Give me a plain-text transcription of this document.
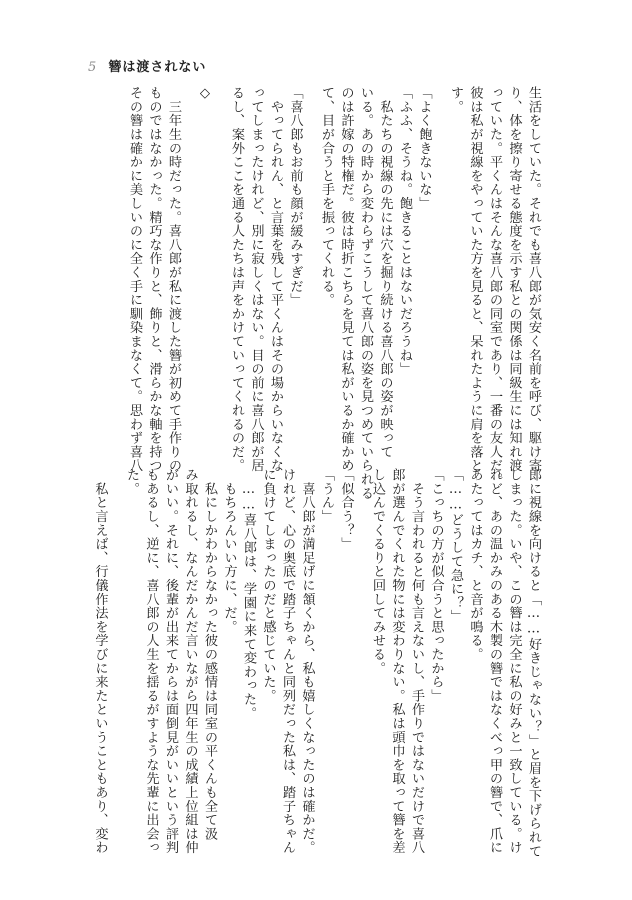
5 簪は渡されない
生活をしていた。それでも喜八郎が気安く名前を呼び、駆け寄
り、体を擦り寄せる態度を示す私との関係は同級生には知れ渡
っていた。平くんはそんな喜八郎の同室であり、一番の友人だ。
彼は私が視線をやっていた方を見ると、呆れたように肩を落と
す。
「よく飽きないな」
「ふふ、そうね。飽きることはないだろうね」
　私たちの視線の先には穴を掘り続ける喜八郎の姿が映って
いる。あの時から変わらずこうして喜八郎の姿を見つめていられる
のは許嫁の特権だ。彼は時折こちらを見ては私がいるか確かめ
て、目が合うと手を振ってくれる。
「喜八郎もお前も顔が緩みすぎだ」
　やってられん、と言葉を残して平くんはその場からいなくな
ってしまったけれど、別に寂しくはない。目の前に喜八郎が居
るし、案外ここを通る人たちは声をかけていってくれるのだ。
◇
　三年生の時だった。喜八郎が私に渡した簪が初めて手作りの
ものではなかった。精巧な作りと、飾りと、滑らかな軸を持つ
その簪は確かに美しいのに全く手に馴染まなくて。思わず喜八
郎に視線を向けると「……好きじゃない？」と眉を下げられて
しまった。いや、この簪は完全に私の好みと一致している。け
れど、あの温かみのある木製の簪ではなくべっ甲の簪で、爪に
あたってはカチ、と音が鳴る。
「……どうして急に？」
「こっちの方が似合うと思ったから」
　そう言われると何も言えないし、手作りではないだけで喜八
郎が選んでくれた物には変わりない。私は頭巾を取って簪を差
し込んでくるりと回してみせる。
「似合う？」
「うん」
　喜八郎が満足げに頷くから、私も嬉しくなったのは確かだ。
けれど、心の奥底で踏子ちゃんと同列だった私は、踏子ちゃん
に負けてしまったのだと感じていた。
　……喜八郎は、学園に来て変わった。
　もちろんいい方に、だ。
　私にしかわからなかった彼の感情は同室の平くんも全て汲
み取れるし、なんだかんだ言いながら四年生の成績上位組は仲
がいい。それに、後輩が出来てからは面倒見がいいという評判
もあるし、逆に、喜八郎の人生を揺るがすような先輩に出会っ
た。
　私と言えば、行儀作法を学びに来たということもあり、変わ
